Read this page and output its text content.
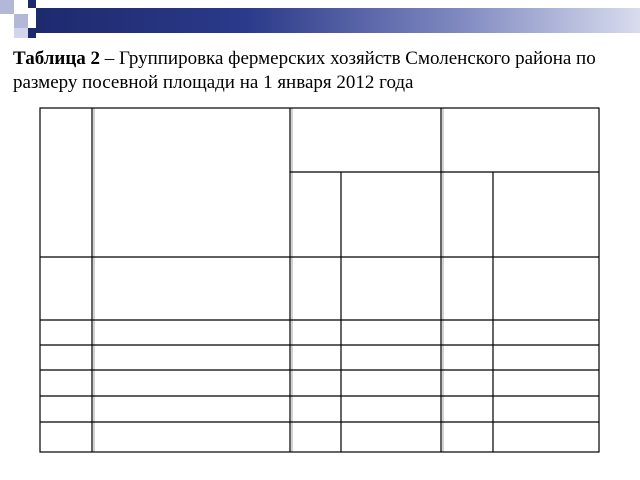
Таблица 2 – Группировка фермерских хозяйств Смоленского района по размеру посевной площади на 1 января 2012 года
